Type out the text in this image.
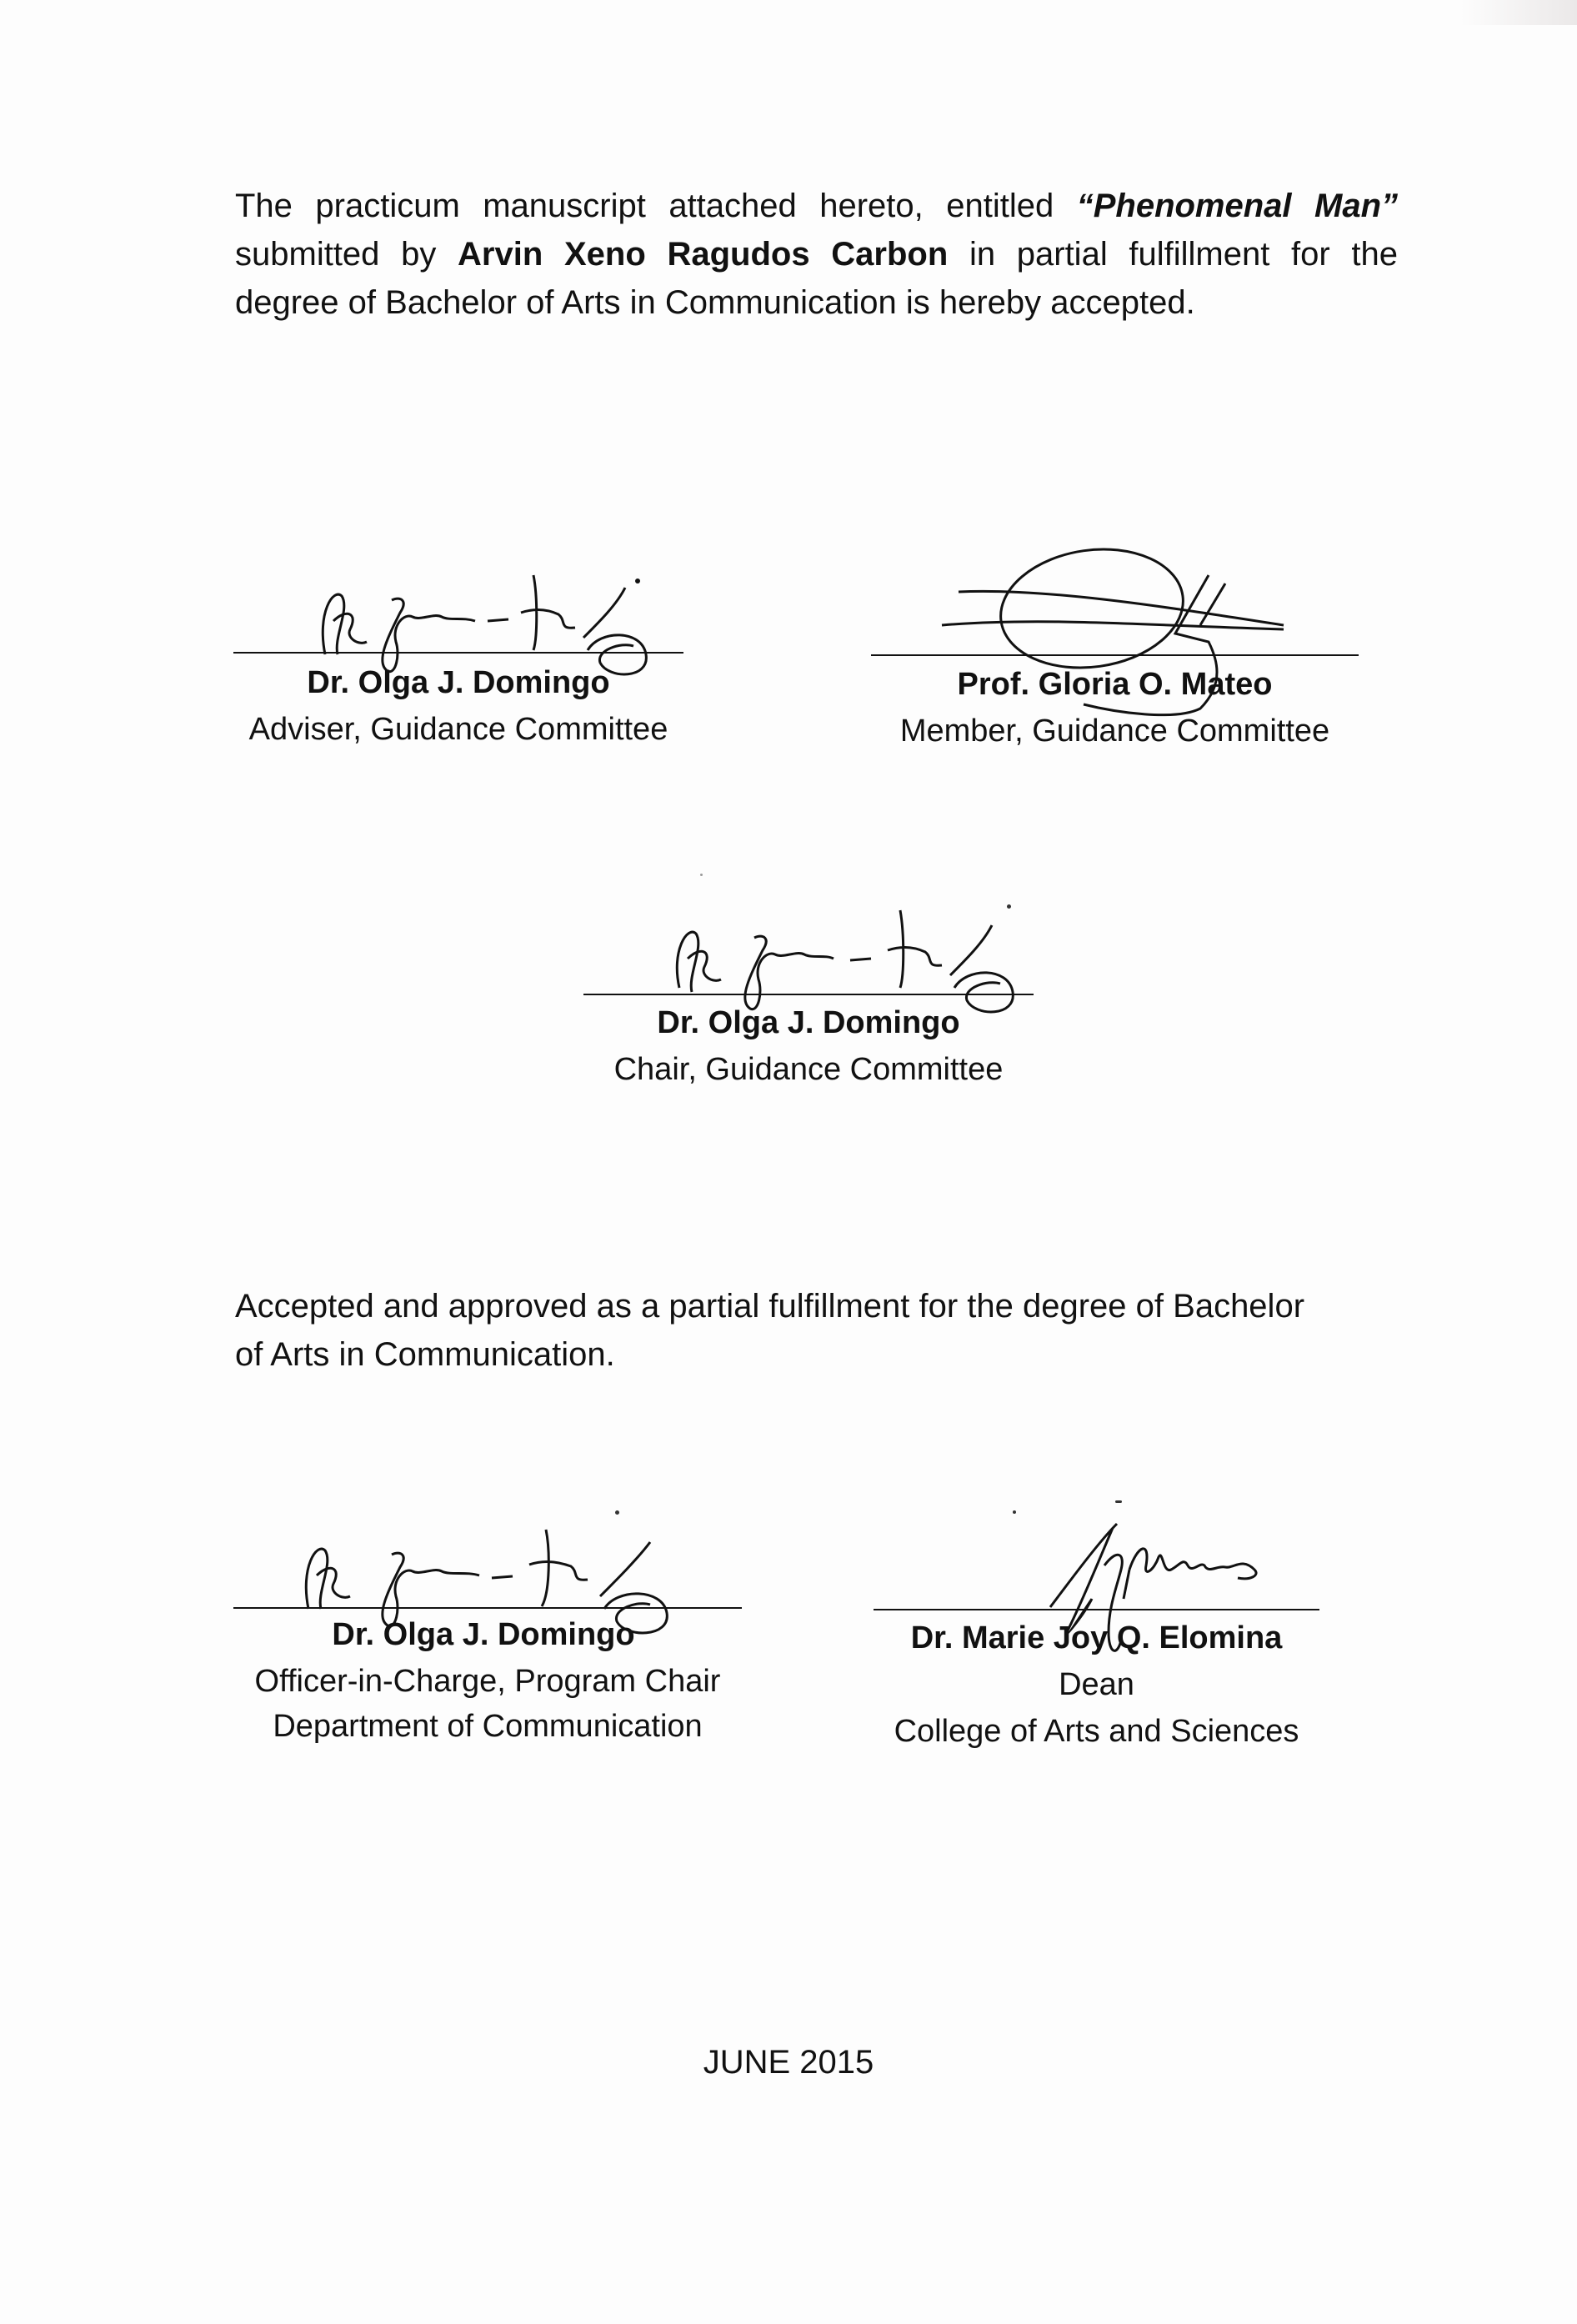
The practicum manuscript attached hereto, entitled “Phenomenal Man”
submitted by Arvin Xeno Ragudos Carbon in partial fulfillment for the
degree of Bachelor of Arts in Communication is hereby accepted.

Dr. Olga J. Domingo
Adviser, Guidance Committee
Prof. Gloria O. Mateo
Member, Guidance Committee
Dr. Olga J. Domingo
Chair, Guidance Committee

Accepted and approved as a partial fulfillment for the degree of Bachelor
of Arts in Communication.

Dr. Olga J. Domingo
Officer-in-Charge, Program Chair
Department of Communication
Dr. Marie Joy Q. Elomina
Dean
College of Arts and Sciences
JUNE 2015
